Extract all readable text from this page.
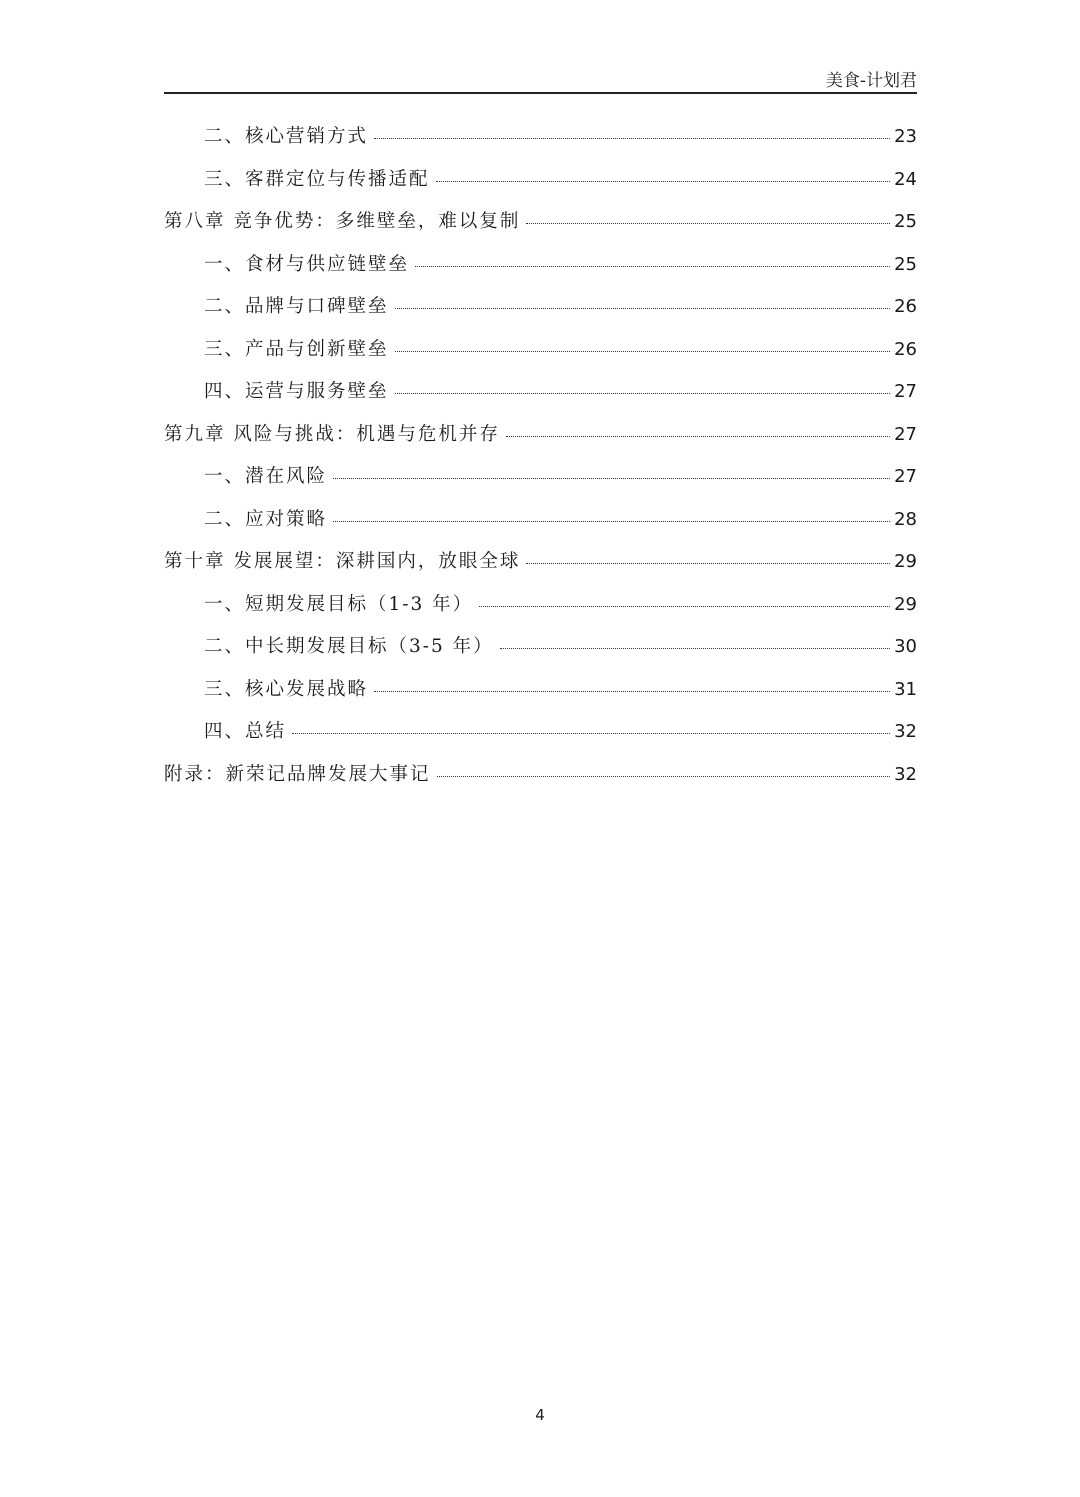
美食-计划君
二、核心营销方式	23
三、客群定位与传播适配	24
第八章 竞争优势：多维壁垒，难以复制	25
一、食材与供应链壁垒	25
二、品牌与口碑壁垒	26
三、产品与创新壁垒	26
四、运营与服务壁垒	27
第九章 风险与挑战：机遇与危机并存	27
一、潜在风险	27
二、应对策略	28
第十章 发展展望：深耕国内，放眼全球	29
一、短期发展目标（1-3 年）	29
二、中长期发展目标（3-5 年）	30
三、核心发展战略	31
四、总结	32
附录：新荣记品牌发展大事记	32
4
